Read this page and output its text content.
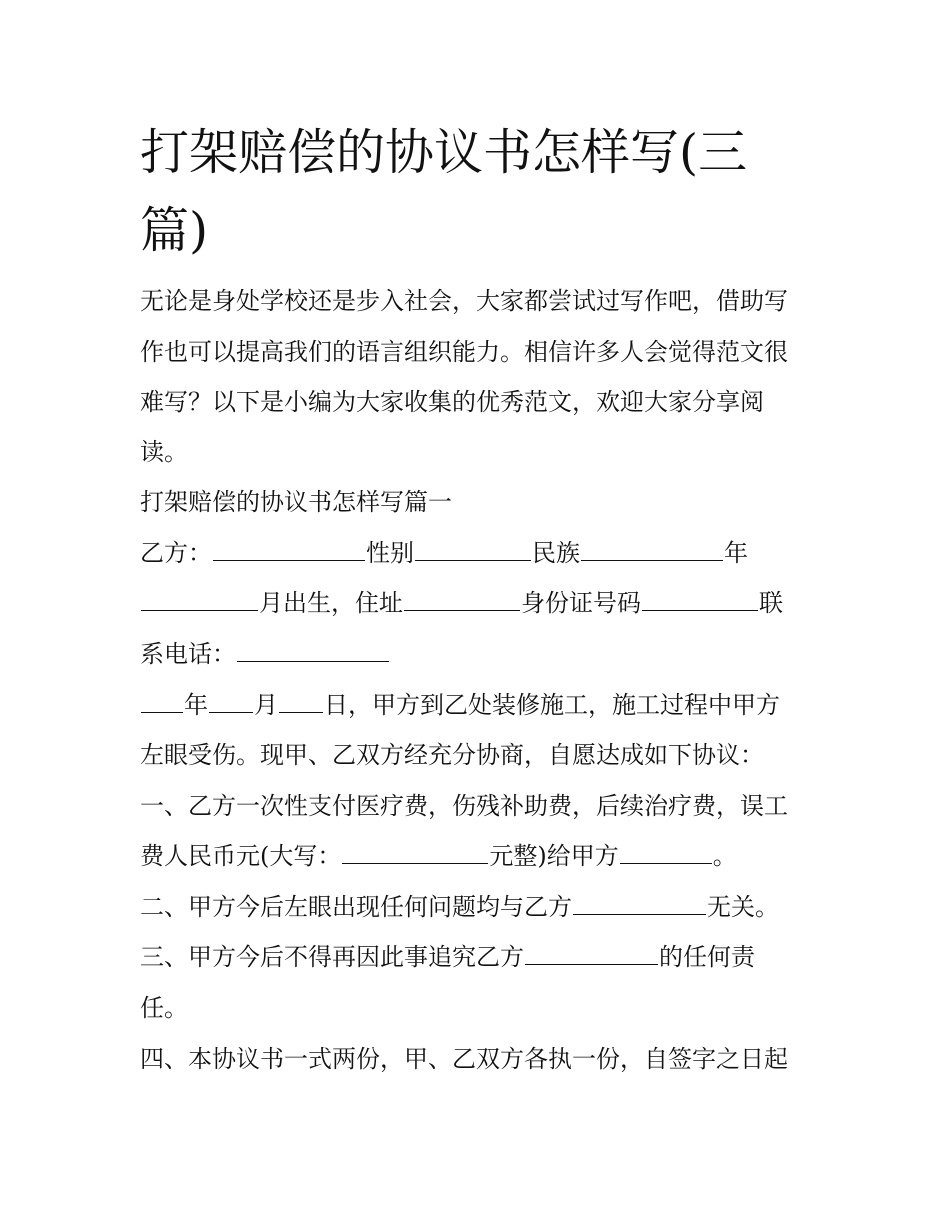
打架赔偿的协议书怎样写(三
篇)

无论是身处学校还是步入社会，大家都尝试过写作吧，借助写

作也可以提高我们的语言组织能力。相信许多人会觉得范文很

难写？以下是小编为大家收集的优秀范文，欢迎大家分享阅

读。

打架赔偿的协议书怎样写篇一

乙方：	性别	民族	年

月出生，住址	身份证号码	联

系电话：

年 月 日，甲方到乙处装修施工，施工过程中甲方

左眼受伤。现甲、乙双方经充分协商，自愿达成如下协议：

一、乙方一次性支付医疗费，伤残补助费，后续治疗费，误工

费人民币元(大写：	元整)给甲方	。

二、甲方今后左眼出现任何问题均与乙方	无关。

三、甲方今后不得再因此事追究乙方	的任何责

任。

四、本协议书一式两份，甲、乙双方各执一份，自签字之日起
